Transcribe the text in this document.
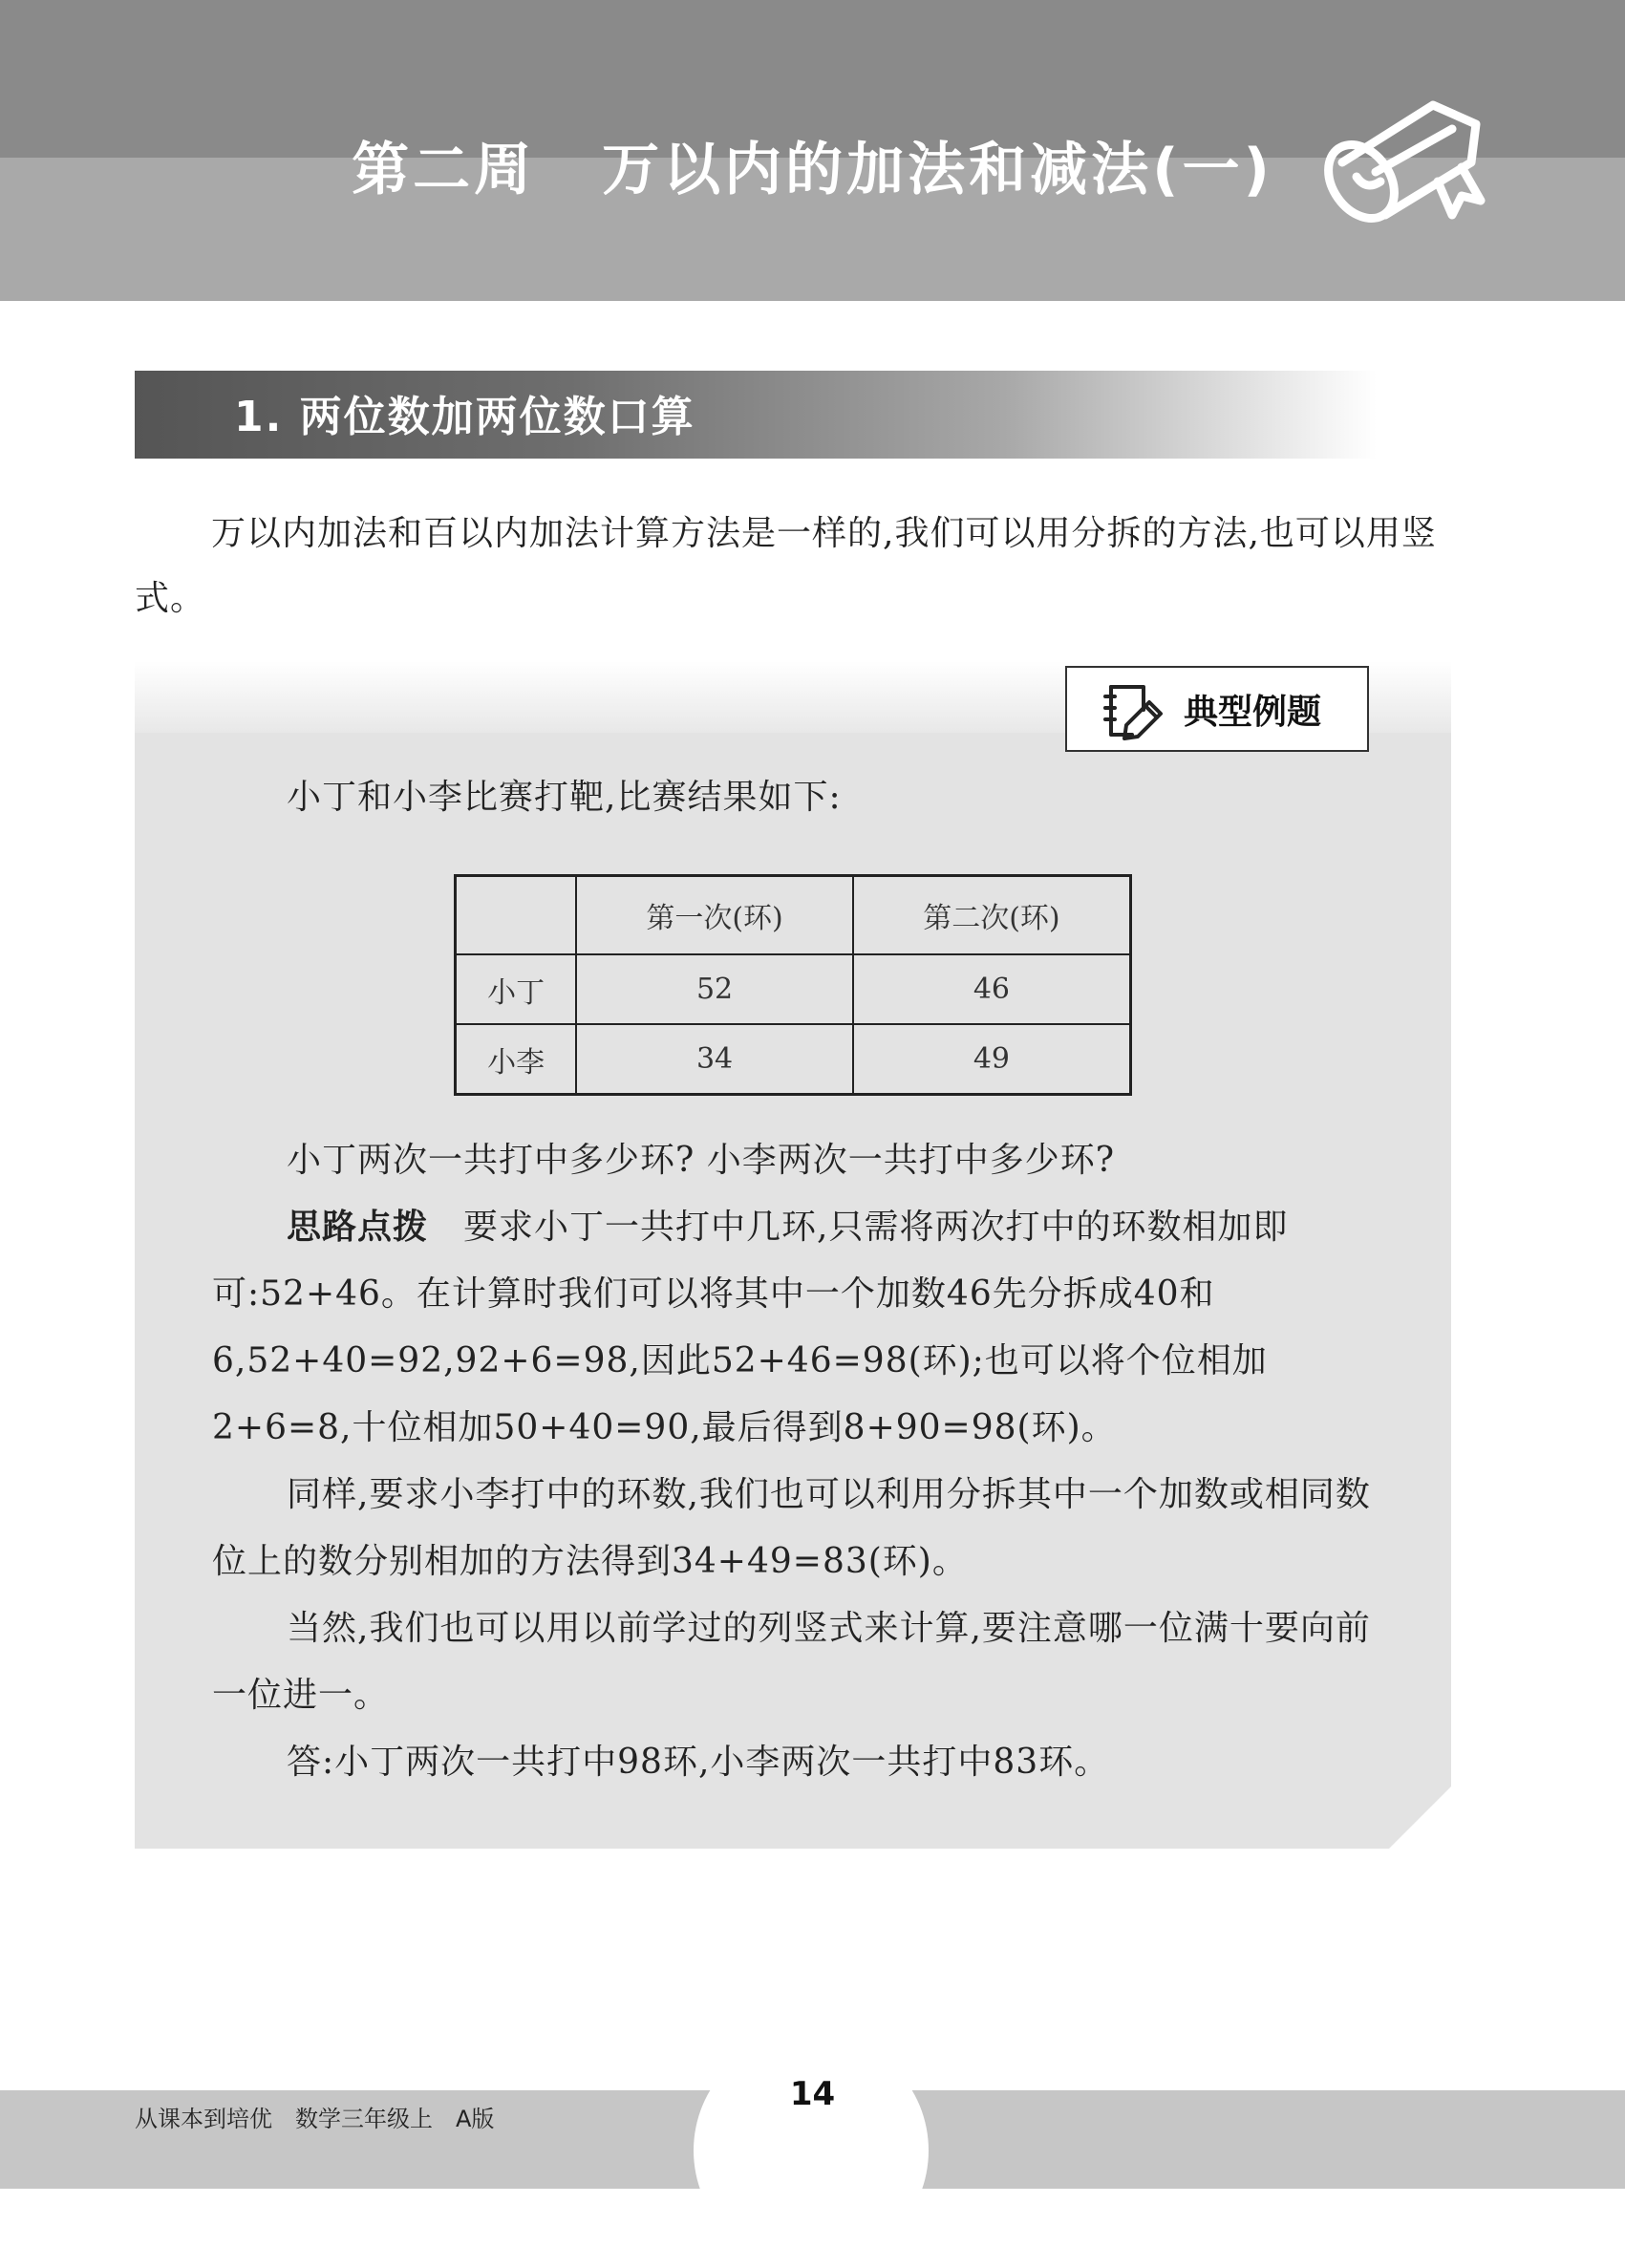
第二周 万以内的加法和减法(一)
1. 两位数加两位数口算
万以内加法和百以内加法计算方法是一样的,我们可以用分拆的方法,也可以用竖式。
典型例题
小丁和小李比赛打靶,比赛结果如下:
	第一次(环)	第二次(环)
小丁	52	46
小李	34	49
小丁两次一共打中多少环? 小李两次一共打中多少环?
思路点拨　 要求小丁一共打中几环,只需将两次打中的环数相加即可:52+46。在计算时我们可以将其中一个加数46先分拆成40和6,52+40=92,92+6=98,因此52+46=98(环);也可以将个位相加2+6=8,十位相加50+40=90,最后得到8+90=98(环)。
同样,要求小李打中的环数,我们也可以利用分拆其中一个加数或相同数位上的数分别相加的方法得到34+49=83(环)。
当然,我们也可以用以前学过的列竖式来计算,要注意哪一位满十要向前一位进一。
答:小丁两次一共打中98环,小李两次一共打中83环。
从课本到培优　数学三年级上　A版
14
